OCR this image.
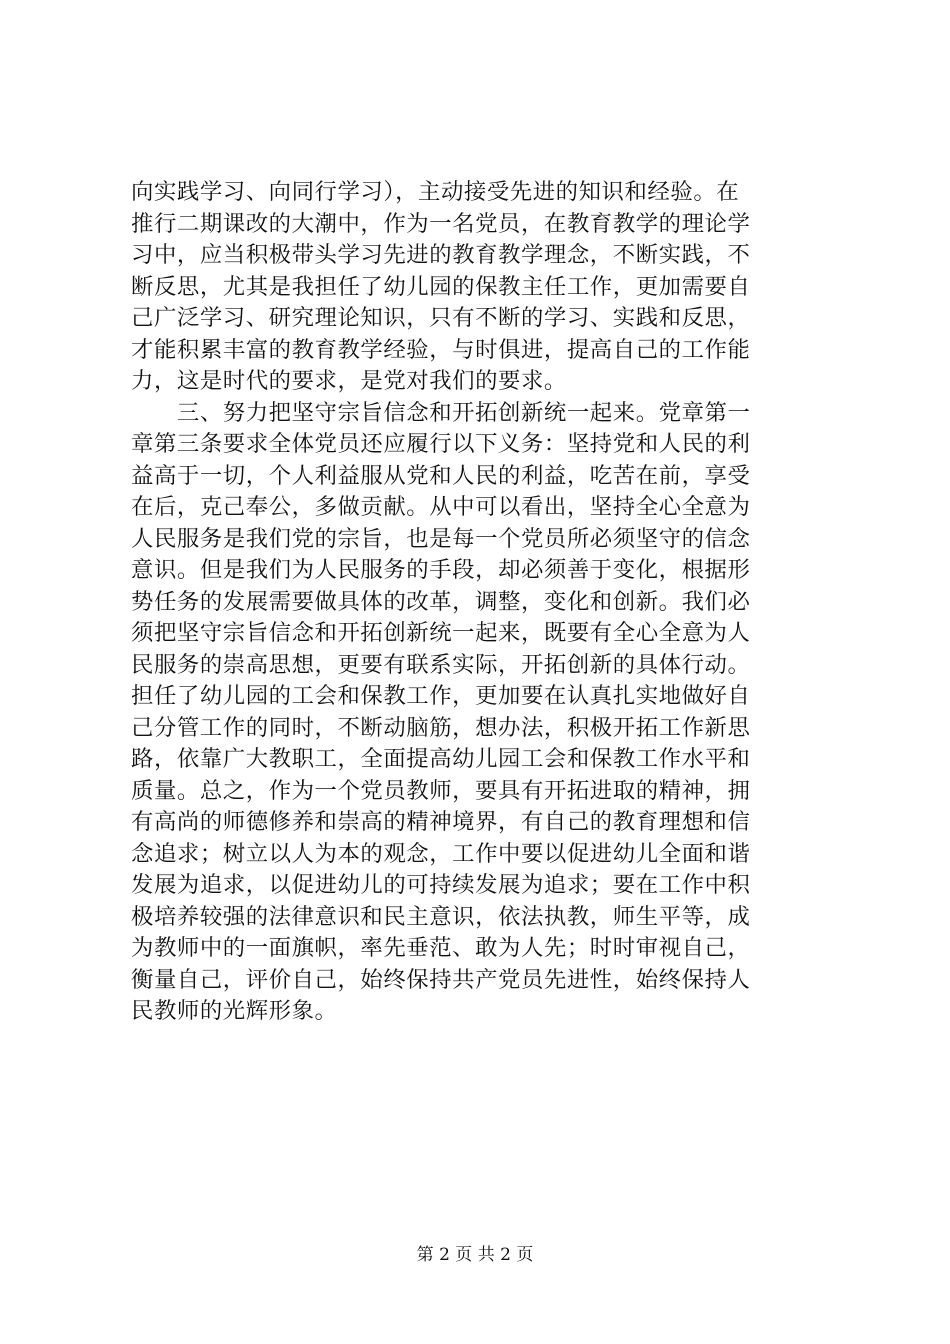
向实践学习、向同行学习），主动接受先进的知识和经验。在
推行二期课改的大潮中，作为一名党员，在教育教学的理论学
习中，应当积极带头学习先进的教育教学理念，不断实践，不
断反思，尤其是我担任了幼儿园的保教主任工作，更加需要自
己广泛学习、研究理论知识，只有不断的学习、实践和反思，
才能积累丰富的教育教学经验，与时俱进，提高自己的工作能
力，这是时代的要求，是党对我们的要求。
　　三、努力把坚守宗旨信念和开拓创新统一起来。党章第一
章第三条要求全体党员还应履行以下义务：坚持党和人民的利
益高于一切，个人利益服从党和人民的利益，吃苦在前，享受
在后，克己奉公，多做贡献。从中可以看出，坚持全心全意为
人民服务是我们党的宗旨，也是每一个党员所必须坚守的信念
意识。但是我们为人民服务的手段，却必须善于变化，根据形
势任务的发展需要做具体的改革，调整，变化和创新。我们必
须把坚守宗旨信念和开拓创新统一起来，既要有全心全意为人
民服务的崇高思想，更要有联系实际，开拓创新的具体行动。
担任了幼儿园的工会和保教工作，更加要在认真扎实地做好自
己分管工作的同时，不断动脑筋，想办法，积极开拓工作新思
路，依靠广大教职工，全面提高幼儿园工会和保教工作水平和
质量。总之，作为一个党员教师，要具有开拓进取的精神，拥
有高尚的师德修养和崇高的精神境界，有自己的教育理想和信
念追求；树立以人为本的观念，工作中要以促进幼儿全面和谐
发展为追求，以促进幼儿的可持续发展为追求；要在工作中积
极培养较强的法律意识和民主意识，依法执教，师生平等，成
为教师中的一面旗帜，率先垂范、敢为人先；时时审视自己，
衡量自己，评价自己，始终保持共产党员先进性，始终保持人
民教师的光辉形象。
第 2 页 共 2 页
